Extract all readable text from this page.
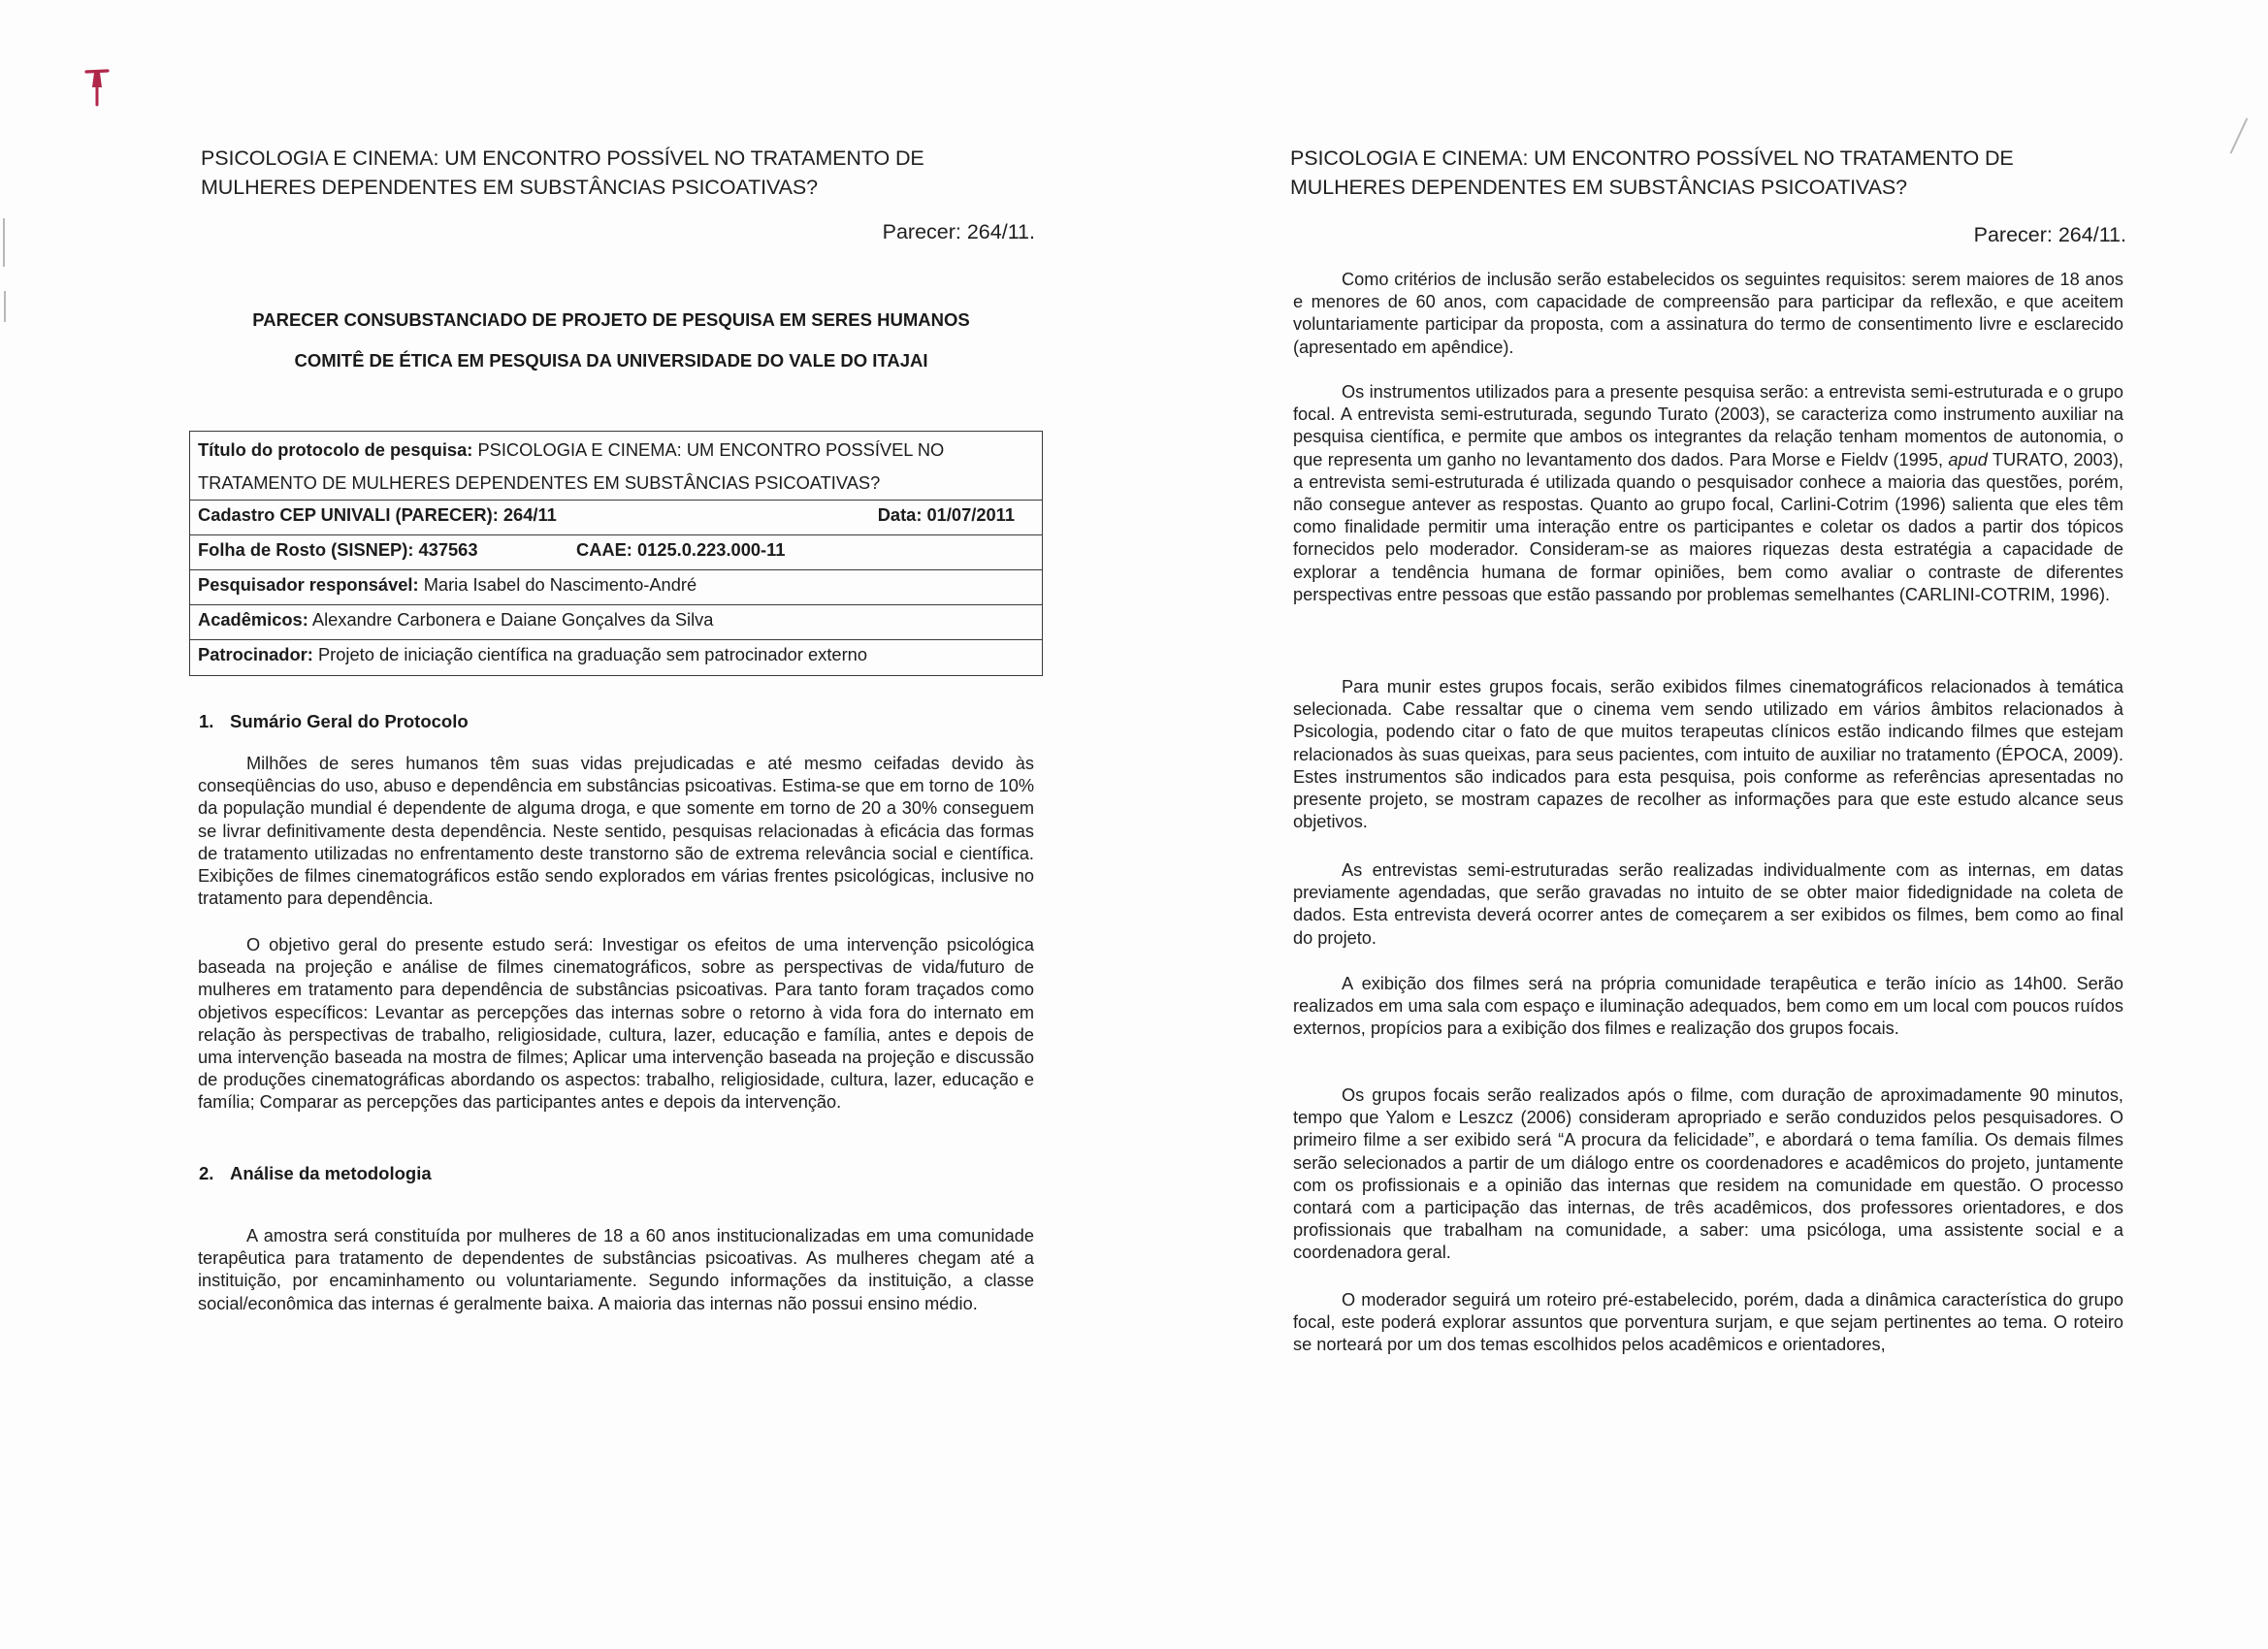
PSICOLOGIA E CINEMA: UM ENCONTRO POSSÍVEL NO TRATAMENTO DE
MULHERES DEPENDENTES EM SUBSTÂNCIAS PSICOATIVAS?
Parecer: 264/11.
PARECER CONSUBSTANCIADO DE PROJETO DE PESQUISA EM SERES HUMANOS
COMITÊ DE ÉTICA EM PESQUISA DA UNIVERSIDADE DO VALE DO ITAJAI
Título do protocolo de pesquisa: PSICOLOGIA E CINEMA: UM ENCONTRO POSSÍVEL NO
TRATAMENTO DE MULHERES DEPENDENTES EM SUBSTÂNCIAS PSICOATIVAS?
Cadastro CEP UNIVALI (PARECER): 264/11	Data: 01/07/2011
Folha de Rosto (SISNEP): 437563	CAAE: 0125.0.223.000-11
Pesquisador responsável: Maria Isabel do Nascimento-André
Acadêmicos: Alexandre Carbonera e Daiane Gonçalves da Silva
Patrocinador: Projeto de iniciação científica na graduação sem patrocinador externo
1. Sumário Geral do Protocolo

Milhões de seres humanos têm suas vidas prejudicadas e até mesmo ceifadas devido às conseqüências do uso, abuso e dependência em substâncias psicoativas. Estima-se que em torno de 10% da população mundial é dependente de alguma droga, e que somente em torno de 20 a 30% conseguem se livrar definitivamente desta dependência. Neste sentido, pesquisas relacionadas à eficácia das formas de tratamento utilizadas no enfrentamento deste transtorno são de extrema relevância social e científica. Exibições de filmes cinematográficos estão sendo explorados em várias frentes psicológicas, inclusive no tratamento para dependência.

O objetivo geral do presente estudo será: Investigar os efeitos de uma intervenção psicológica baseada na projeção e análise de filmes cinematográficos, sobre as perspectivas de vida/futuro de mulheres em tratamento para dependência de substâncias psicoativas. Para tanto foram traçados como objetivos específicos: Levantar as percepções das internas sobre o retorno à vida fora do internato em relação às perspectivas de trabalho, religiosidade, cultura, lazer, educação e família, antes e depois de uma intervenção baseada na mostra de filmes; Aplicar uma intervenção baseada na projeção e discussão de produções cinematográficas abordando os aspectos: trabalho, religiosidade, cultura, lazer, educação e família; Comparar as percepções das participantes antes e depois da intervenção.

2. Análise da metodologia

A amostra será constituída por mulheres de 18 a 60 anos institucionalizadas em uma comunidade terapêutica para tratamento de dependentes de substâncias psicoativas. As mulheres chegam até a instituição, por encaminhamento ou voluntariamente. Segundo informações da instituição, a classe social/econômica das internas é geralmente baixa. A maioria das internas não possui ensino médio.

PSICOLOGIA E CINEMA: UM ENCONTRO POSSÍVEL NO TRATAMENTO DE
MULHERES DEPENDENTES EM SUBSTÂNCIAS PSICOATIVAS?
Parecer: 264/11.

Como critérios de inclusão serão estabelecidos os seguintes requisitos: serem maiores de 18 anos e menores de 60 anos, com capacidade de compreensão para participar da reflexão, e que aceitem voluntariamente participar da proposta, com a assinatura do termo de consentimento livre e esclarecido (apresentado em apêndice).

Os instrumentos utilizados para a presente pesquisa serão: a entrevista semi-estruturada e o grupo focal. A entrevista semi-estruturada, segundo Turato (2003), se caracteriza como instrumento auxiliar na pesquisa científica, e permite que ambos os integrantes da relação tenham momentos de autonomia, o que representa um ganho no levantamento dos dados. Para Morse e Fieldv (1995, apud TURATO, 2003), a entrevista semi-estruturada é utilizada quando o pesquisador conhece a maioria das questões, porém, não consegue antever as respostas. Quanto ao grupo focal, Carlini-Cotrim (1996) salienta que eles têm como finalidade permitir uma interação entre os participantes e coletar os dados a partir dos tópicos fornecidos pelo moderador. Consideram-se as maiores riquezas desta estratégia a capacidade de explorar a tendência humana de formar opiniões, bem como avaliar o contraste de diferentes perspectivas entre pessoas que estão passando por problemas semelhantes (CARLINI-COTRIM, 1996).

Para munir estes grupos focais, serão exibidos filmes cinematográficos relacionados à temática selecionada. Cabe ressaltar que o cinema vem sendo utilizado em vários âmbitos relacionados à Psicologia, podendo citar o fato de que muitos terapeutas clínicos estão indicando filmes que estejam relacionados às suas queixas, para seus pacientes, com intuito de auxiliar no tratamento (ÉPOCA, 2009). Estes instrumentos são indicados para esta pesquisa, pois conforme as referências apresentadas no presente projeto, se mostram capazes de recolher as informações para que este estudo alcance seus objetivos.

As entrevistas semi-estruturadas serão realizadas individualmente com as internas, em datas previamente agendadas, que serão gravadas no intuito de se obter maior fidedignidade na coleta de dados. Esta entrevista deverá ocorrer antes de começarem a ser exibidos os filmes, bem como ao final do projeto.

A exibição dos filmes será na própria comunidade terapêutica e terão início as 14h00. Serão realizados em uma sala com espaço e iluminação adequados, bem como em um local com poucos ruídos externos, propícios para a exibição dos filmes e realização dos grupos focais.

Os grupos focais serão realizados após o filme, com duração de aproximadamente 90 minutos, tempo que Yalom e Leszcz (2006) consideram apropriado e serão conduzidos pelos pesquisadores. O primeiro filme a ser exibido será “A procura da felicidade”, e abordará o tema família. Os demais filmes serão selecionados a partir de um diálogo entre os coordenadores e acadêmicos do projeto, juntamente com os profissionais e a opinião das internas que residem na comunidade em questão. O processo contará com a participação das internas, de três acadêmicos, dos professores orientadores, e dos profissionais que trabalham na comunidade, a saber: uma psicóloga, uma assistente social e a coordenadora geral.

O moderador seguirá um roteiro pré-estabelecido, porém, dada a dinâmica característica do grupo focal, este poderá explorar assuntos que porventura surjam, e que sejam pertinentes ao tema. O roteiro se norteará por um dos temas escolhidos pelos acadêmicos e orientadores,
